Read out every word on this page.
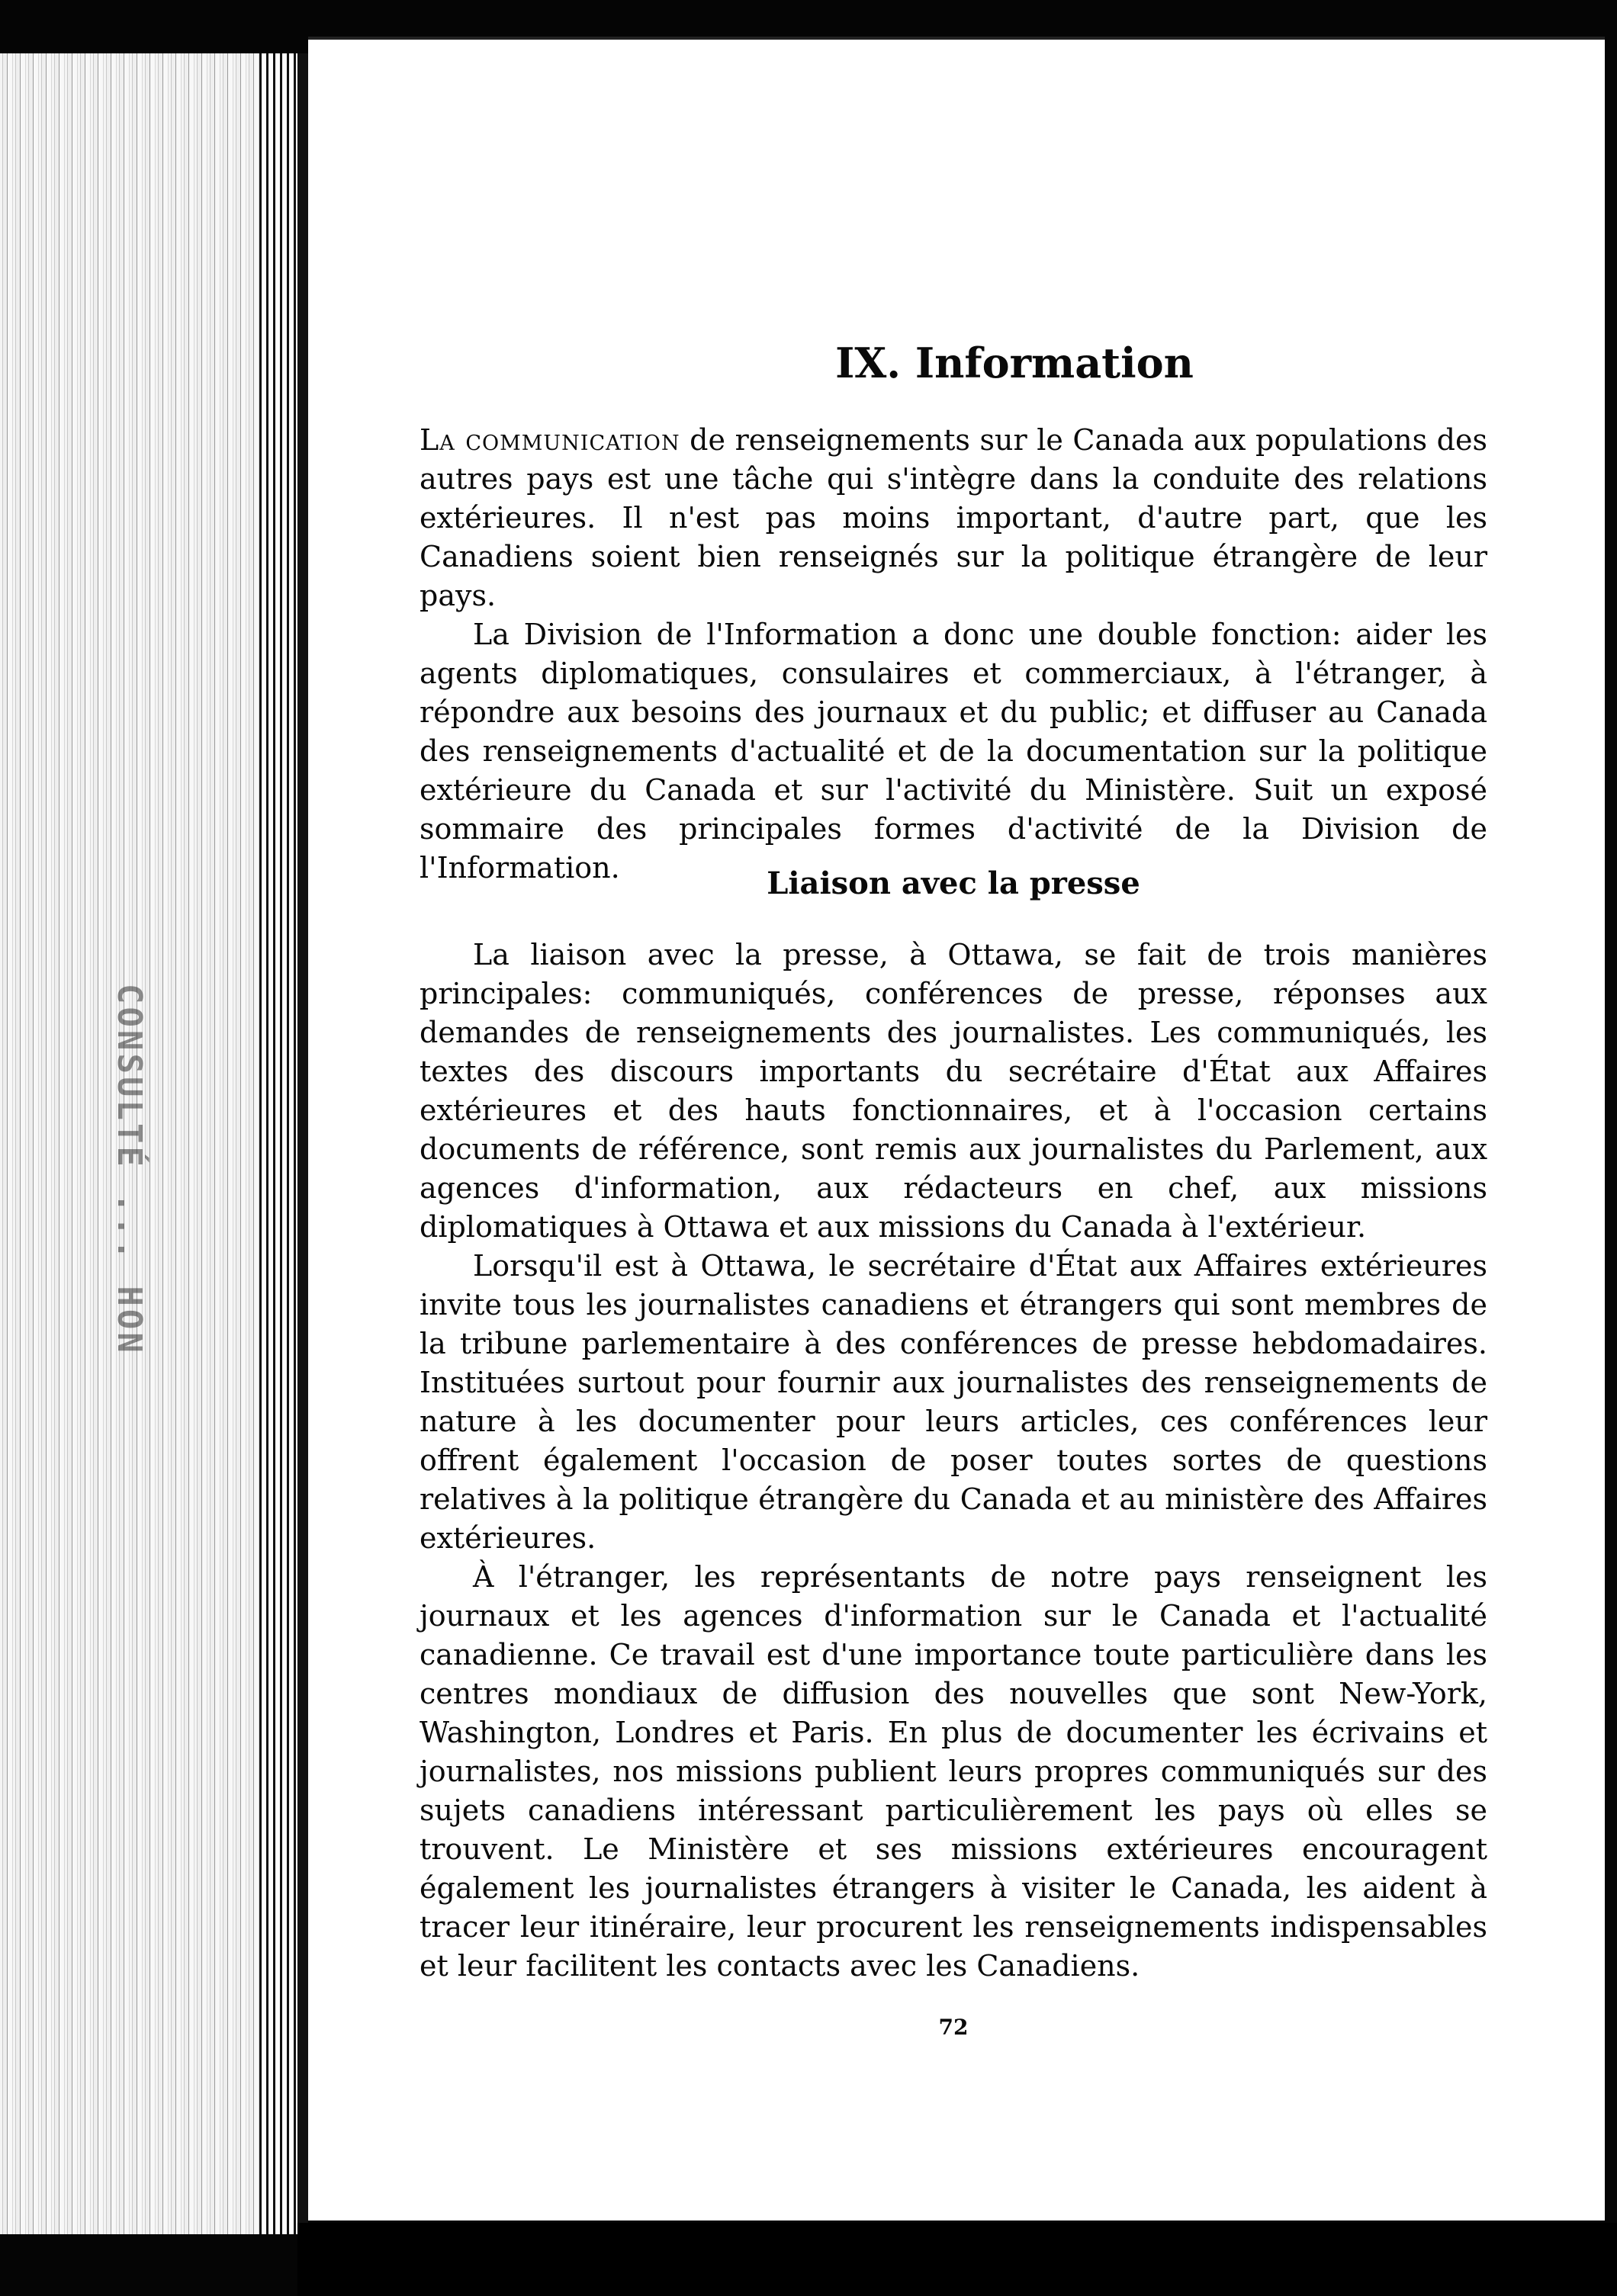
CONSULTÉ ... HON
IX. Information

La communication de renseignements sur le Canada aux populations des autres pays est une tâche qui s'intègre dans la conduite des relations extérieures. Il n'est pas moins important, d'autre part, que les Canadiens soient bien renseignés sur la politique étrangère de leur pays.

La Division de l'Information a donc une double fonction: aider les agents diplomatiques, consulaires et commerciaux, à l'étranger, à répondre aux besoins des journaux et du public; et diffuser au Canada des renseignements d'actualité et de la documentation sur la politique extérieure du Canada et sur l'activité du Ministère. Suit un exposé sommaire des principales formes d'activité de la Division de l'Information.	Liaison avec la presse

La liaison avec la presse, à Ottawa, se fait de trois manières principales: communiqués, conférences de presse, réponses aux demandes de renseignements des journalistes. Les communiqués, les textes des discours importants du secrétaire d'État aux Affaires extérieures et des hauts fonctionnaires, et à l'occasion certains documents de référence, sont remis aux journalistes du Parlement, aux agences d'information, aux rédacteurs en chef, aux missions diplomatiques à Ottawa et aux missions du Canada à l'extérieur.

Lorsqu'il est à Ottawa, le secrétaire d'État aux Affaires extérieures invite tous les journalistes canadiens et étrangers qui sont membres de la tribune parlementaire à des conférences de presse hebdomadaires. Instituées surtout pour fournir aux journalistes des renseignements de nature à les documenter pour leurs articles, ces conférences leur offrent également l'occasion de poser toutes sortes de questions relatives à la politique étrangère du Canada et au ministère des Affaires extérieures.

À l'étranger, les représentants de notre pays renseignent les journaux et les agences d'information sur le Canada et l'actualité canadienne. Ce travail est d'une importance toute particulière dans les centres mondiaux de diffusion des nouvelles que sont New-York, Washington, Londres et Paris. En plus de documenter les écrivains et journalistes, nos missions publient leurs propres communiqués sur des sujets canadiens intéressant particulièrement les pays où elles se trouvent. Le Ministère et ses missions extérieures encouragent également les journalistes étrangers à visiter le Canada, les aident à tracer leur itinéraire, leur procurent les renseignements indispensables et leur facilitent les contacts avec les Canadiens.

72
